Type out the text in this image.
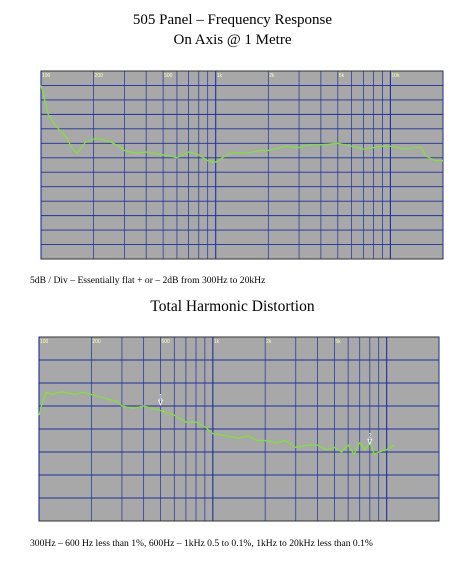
505 Panel – Frequency Response
On Axis @ 1 Metre
100	200	500	1k	2k	5k	10k
5dB / Div – Essentially flat + or – 2dB from 300Hz to 20kHz
Total Harmonic Distortion
100	200	500	1k	2k	5k
1
2
300Hz – 600 Hz less than 1%, 600Hz – 1kHz 0.5 to 0.1%, 1kHz to 20kHz less than 0.1%
